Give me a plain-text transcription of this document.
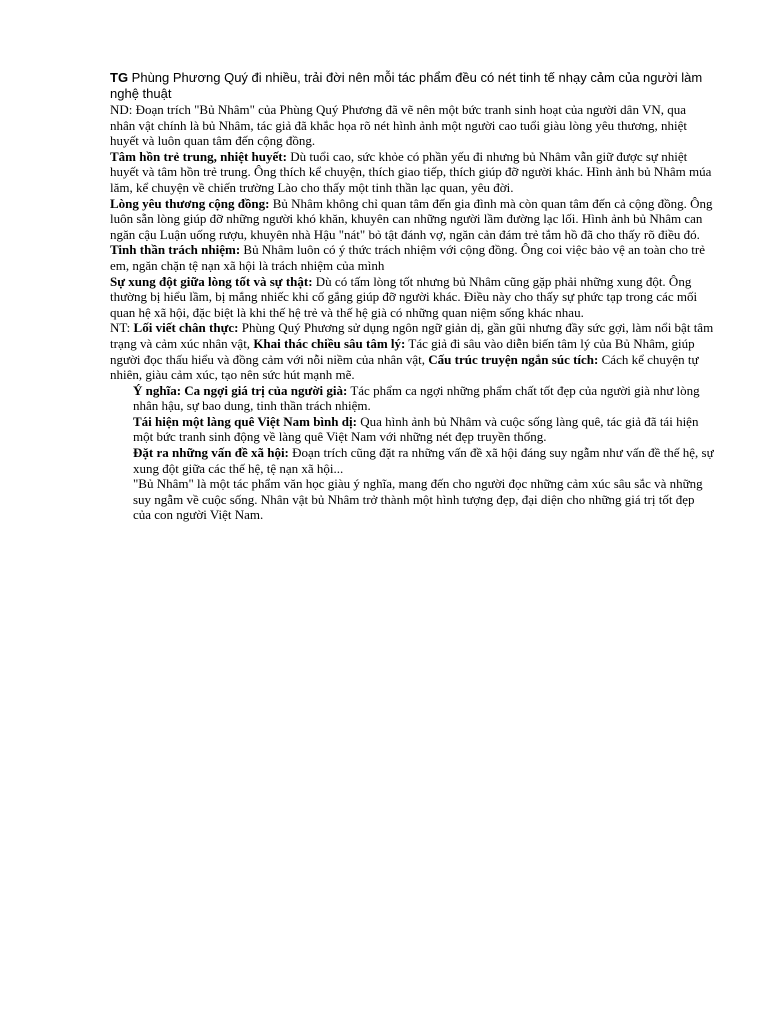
TG Phùng Phương Quý đi nhiều, trải đời nên mỗi tác phẩm đều có nét tinh tế nhạy cảm của người làm nghệ thuật

ND: Đoạn trích "Bủ Nhâm" của Phùng Quý Phương đã vẽ nên một bức tranh sinh hoạt của người dân VN, qua nhân vật chính là bủ Nhâm, tác giả đã khắc họa rõ nét hình ảnh một người cao tuổi giàu lòng yêu thương, nhiệt huyết và luôn quan tâm đến cộng đồng.

Tâm hồn trẻ trung, nhiệt huyết: Dù tuổi cao, sức khỏe có phần yếu đi nhưng bủ Nhâm vẫn giữ được sự nhiệt huyết và tâm hồn trẻ trung. Ông thích kể chuyện, thích giao tiếp, thích giúp đỡ người khác. Hình ảnh bủ Nhâm múa lăm, kể chuyện về chiến trường Lào cho thấy một tinh thần lạc quan, yêu đời.

Lòng yêu thương cộng đồng: Bủ Nhâm không chỉ quan tâm đến gia đình mà còn quan tâm đến cả cộng đồng. Ông luôn sẵn lòng giúp đỡ những người khó khăn, khuyên can những người lầm đường lạc lối. Hình ảnh bủ Nhâm can ngăn cậu Luận uống rượu, khuyên nhà Hậu "nát" bỏ tật đánh vợ, ngăn cản đám trẻ tắm hồ đã cho thấy rõ điều đó.

Tinh thần trách nhiệm: Bủ Nhâm luôn có ý thức trách nhiệm với cộng đồng. Ông coi việc bảo vệ an toàn cho trẻ em, ngăn chặn tệ nạn xã hội là trách nhiệm của mình

Sự xung đột giữa lòng tốt và sự thật: Dù có tấm lòng tốt nhưng bủ Nhâm cũng gặp phải những xung đột. Ông thường bị hiểu lầm, bị mắng nhiếc khi cố gắng giúp đỡ người khác. Điều này cho thấy sự phức tạp trong các mối quan hệ xã hội, đặc biệt là khi thế hệ trẻ và thế hệ già có những quan niệm sống khác nhau.

NT: Lối viết chân thực: Phùng Quý Phương sử dụng ngôn ngữ giản dị, gần gũi nhưng đầy sức gợi, làm nổi bật tâm trạng và cảm xúc nhân vật, Khai thác chiều sâu tâm lý: Tác giả đi sâu vào diễn biến tâm lý của Bủ Nhâm, giúp người đọc thấu hiểu và đồng cảm với nỗi niềm của nhân vật, Cấu trúc truyện ngắn súc tích: Cách kể chuyện tự nhiên, giàu cảm xúc, tạo nên sức hút mạnh mẽ.

Ý nghĩa: Ca ngợi giá trị của người già: Tác phẩm ca ngợi những phẩm chất tốt đẹp của người già như lòng nhân hậu, sự bao dung, tinh thần trách nhiệm.

Tái hiện một làng quê Việt Nam bình dị: Qua hình ảnh bủ Nhâm và cuộc sống làng quê, tác giả đã tái hiện một bức tranh sinh động về làng quê Việt Nam với những nét đẹp truyền thống.

Đặt ra những vấn đề xã hội: Đoạn trích cũng đặt ra những vấn đề xã hội đáng suy ngẫm như vấn đề thế hệ, sự xung đột giữa các thế hệ, tệ nạn xã hội...

"Bủ Nhâm" là một tác phẩm văn học giàu ý nghĩa, mang đến cho người đọc những cảm xúc sâu sắc và những suy ngẫm về cuộc sống. Nhân vật bủ Nhâm trở thành một hình tượng đẹp, đại diện cho những giá trị tốt đẹp của con người Việt Nam.
